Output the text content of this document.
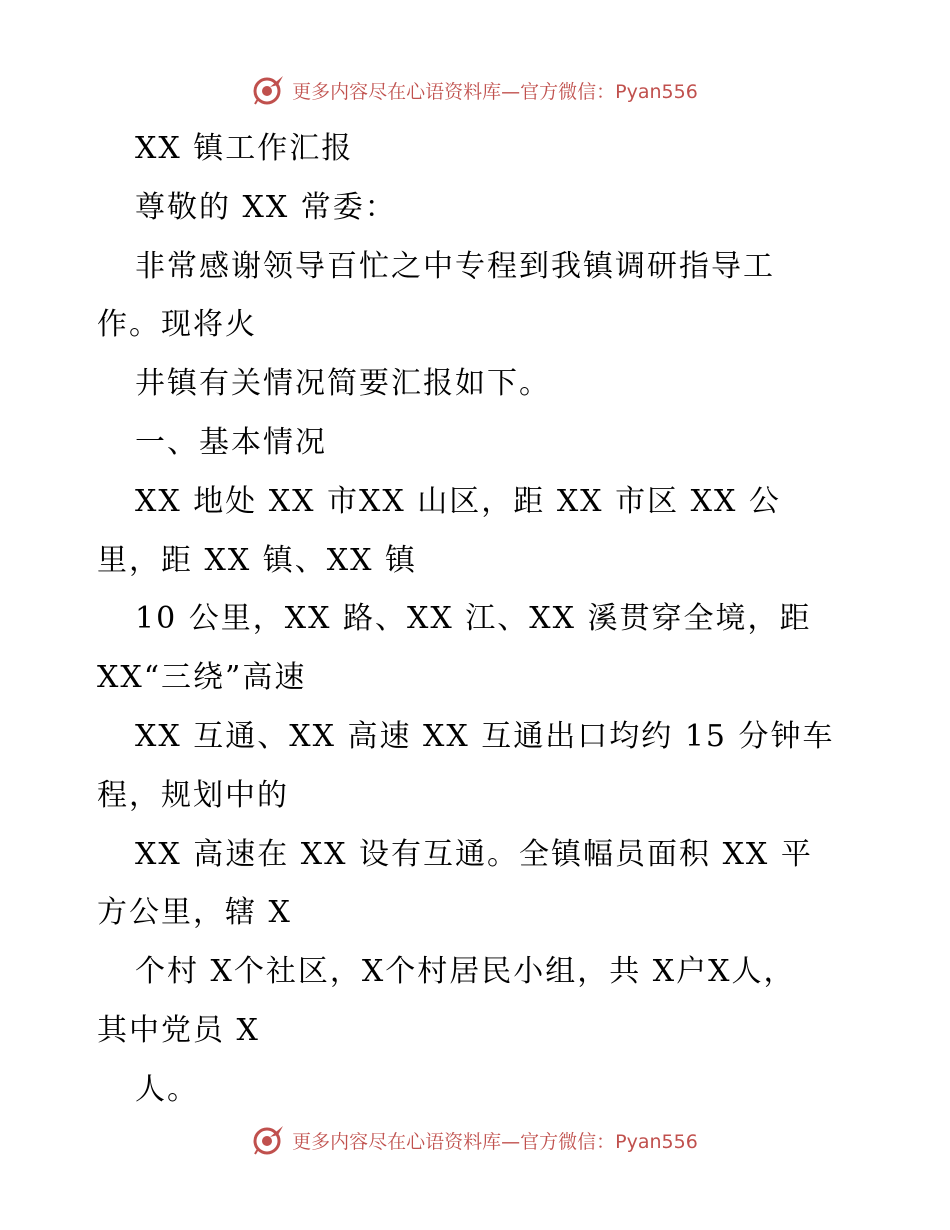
更多内容尽在心语资料库—官方微信：Pyan556
XX 镇工作汇报
尊敬的 XX 常委：
非常感谢领导百忙之中专程到我镇调研指导工
作。现将火
井镇有关情况简要汇报如下。
一、基本情况
XX 地处 XX 市XX 山区，距 XX 市区 XX 公
里，距 XX 镇、XX 镇
10 公里，XX 路、XX 江、XX 溪贯穿全境，距
XX“三绕”高速
XX 互通、XX 高速 XX 互通出口均约 15 分钟车
程，规划中的
XX 高速在 XX 设有互通。全镇幅员面积 XX 平
方公里，辖 X
个村 X个社区，X个村居民小组，共 X户X人，
其中党员 X
人。
更多内容尽在心语资料库—官方微信：Pyan556
